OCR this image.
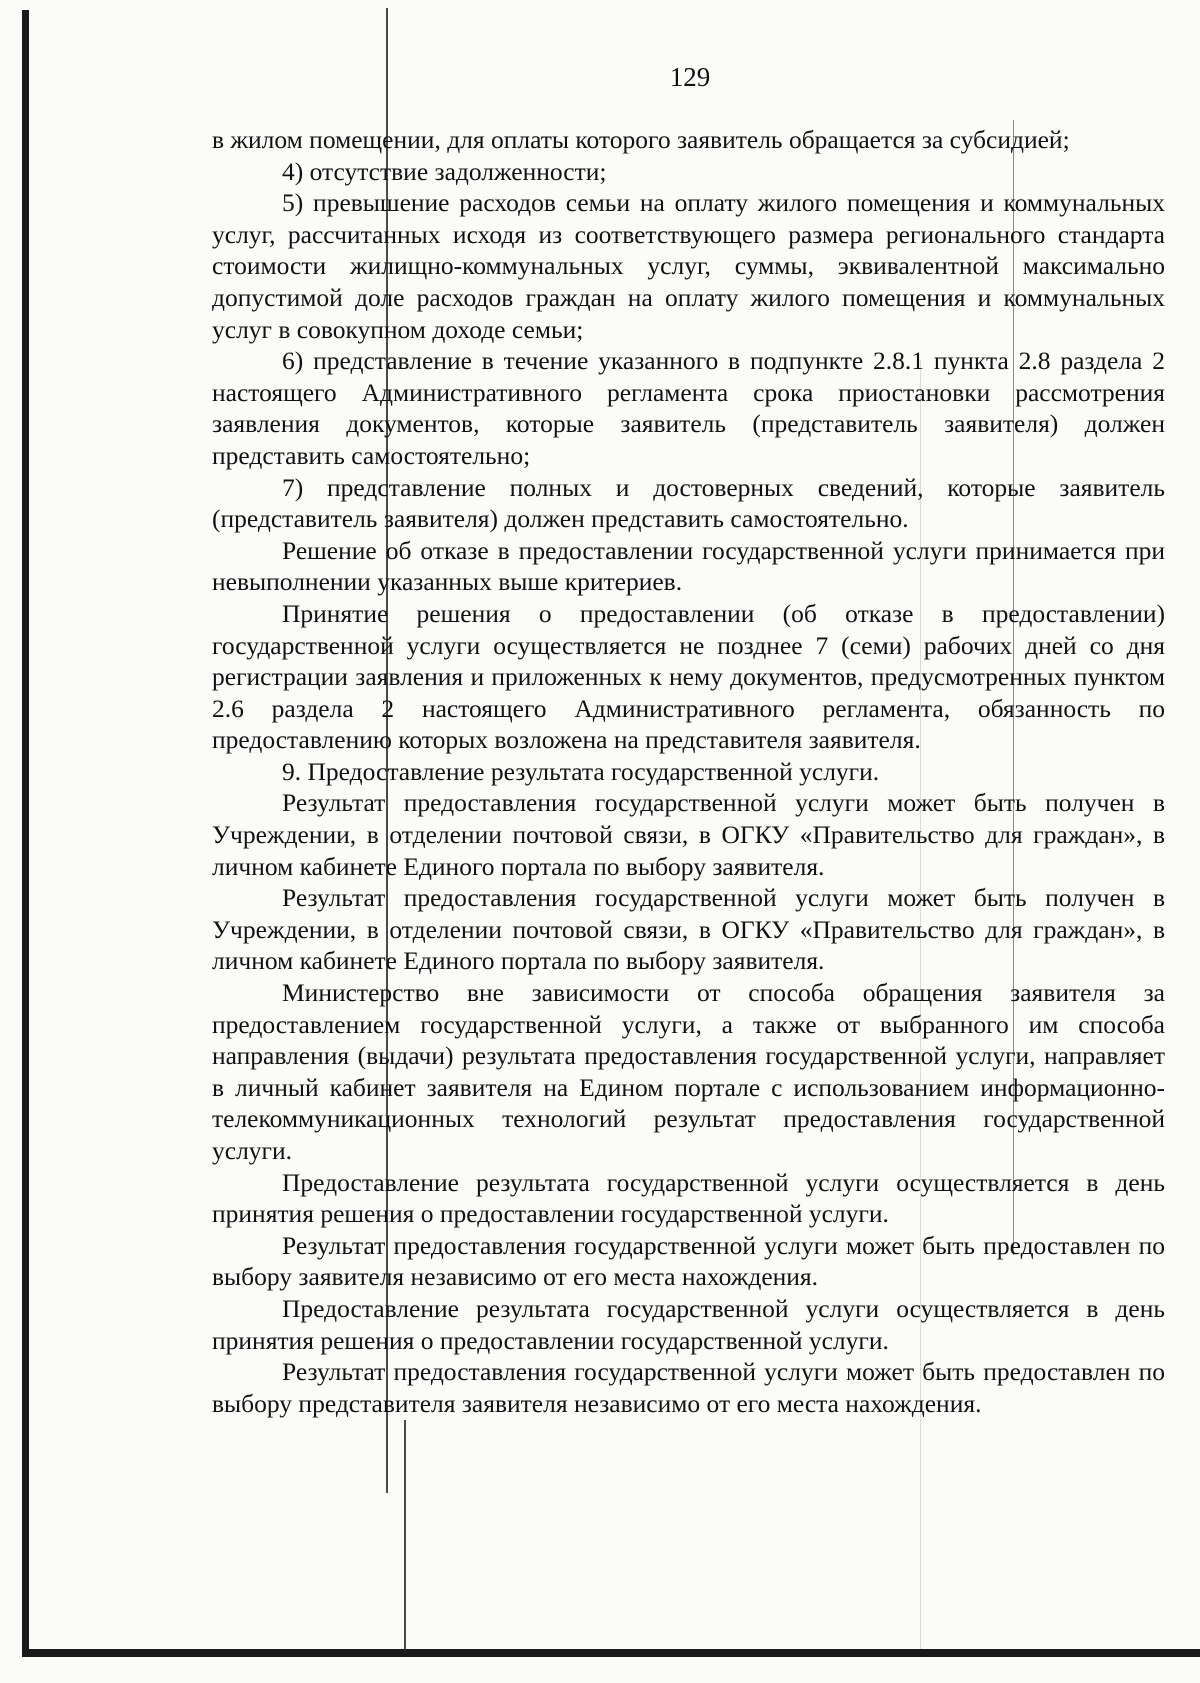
129

в жилом помещении, для оплаты которого заявитель обращается за субсидией;

4) отсутствие задолженности;

5) превышение расходов семьи на оплату жилого помещения и коммунальных услуг, рассчитанных исходя из соответствующего размера регионального стандарта стоимости жилищно-коммунальных услуг, суммы, эквивалентной максимально допустимой доле расходов граждан на оплату жилого помещения и коммунальных услуг в совокупном доходе семьи;

6) представление в течение указанного в подпункте 2.8.1 пункта 2.8 раздела 2 настоящего Административного регламента срока приостановки рассмотрения заявления документов, которые заявитель (представитель заявителя) должен представить самостоятельно;

7) представление полных и достоверных сведений, которые заявитель (представитель заявителя) должен представить самостоятельно.

Решение об отказе в предоставлении государственной услуги принимается при невыполнении указанных выше критериев.

Принятие решения о предоставлении (об отказе в предоставлении) государственной услуги осуществляется не позднее 7 (семи) рабочих дней со дня регистрации заявления и приложенных к нему документов, предусмотренных пунктом 2.6 раздела 2 настоящего Административного регламента, обязанность по предоставлению которых возложена на представителя заявителя.

9. Предоставление результата государственной услуги.

Результат предоставления государственной услуги может быть получен в Учреждении, в отделении почтовой связи, в ОГКУ «Правительство для граждан», в личном кабинете Единого портала по выбору заявителя.

Результат предоставления государственной услуги может быть получен в Учреждении, в отделении почтовой связи, в ОГКУ «Правительство для граждан», в личном кабинете Единого портала по выбору заявителя.

Министерство вне зависимости от способа обращения заявителя за предоставлением государственной услуги, а также от выбранного им способа направления (выдачи) результата предоставления государственной услуги, направляет в личный кабинет заявителя на Едином портале с использованием информационно-телекоммуникационных технологий результат предоставления государственной услуги.

Предоставление результата государственной услуги осуществляется в день принятия решения о предоставлении государственной услуги.

Результат предоставления государственной услуги может быть предоставлен по выбору заявителя независимо от его места нахождения.

Предоставление результата государственной услуги осуществляется в день принятия решения о предоставлении государственной услуги.

Результат предоставления государственной услуги может быть предоставлен по выбору представителя заявителя независимо от его места нахождения.
